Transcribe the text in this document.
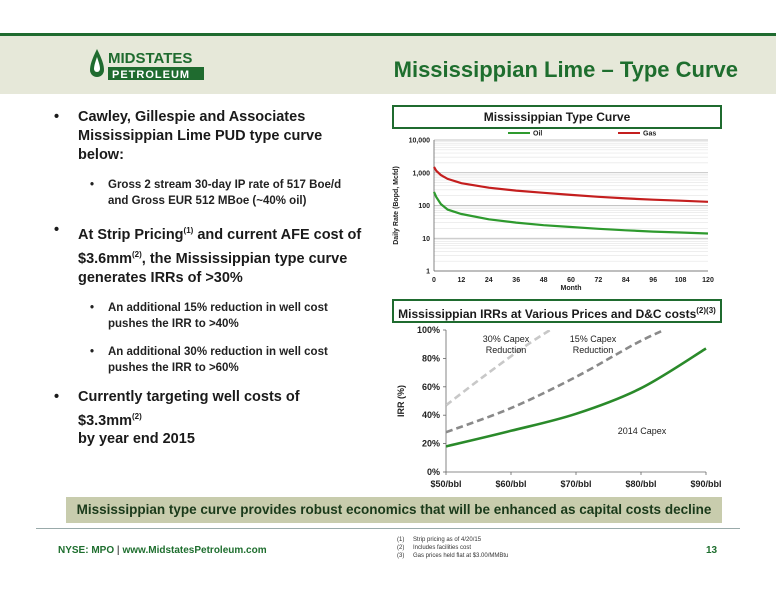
MIDSTATES
PETROLEUM	Mississippian Lime – Type Curve
• Cawley, Gillespie and Associates
Mississippian Lime PUD type curve below:
• Gross 2 stream 30-day IP rate of 517 Boe/d
and Gross EUR 512 MBoe (~40% oil)
• At Strip Pricing$^{(1)}$ and current AFE cost of
$\$3.6mm^{(2)}$, the Mississippian type curve
generates IRRs of >30%
• An additional 15% reduction in well cost
pushes the IRR to >40%
• An additional 30% reduction in well cost
pushes the IRR to >60%
• Currently targeting well costs of $\$3.3mm^{(2)}$
by year end 2015
Mississippian Type Curve
1
10
100
1,000
10,000
0	12	24	36	48	60	72	84	96	108 120
Month
Daily Rate (Bopd, Mcfd)
Oil	Gas
Mississippian IRRs at Various Prices and D&C costs$^{(2)(3)}$
0%
20%
40%
60%
80%
100%
$50/bbl	$60/bbl	$70/bbl	$80/bbl	$90/bbl
IRR (%)
30% Capex
Reduction
15% Capex
Reduction
2014 Capex
Mississippian type curve provides robust economics that will be enhanced as capital costs decline
NYSE: MPO | www.MidstatesPetroleum.com
(1) Strip pricing as of 4/20/15
(2) Includes facilities cost
(3) Gas prices held flat at $3.00/MMBtu	13
